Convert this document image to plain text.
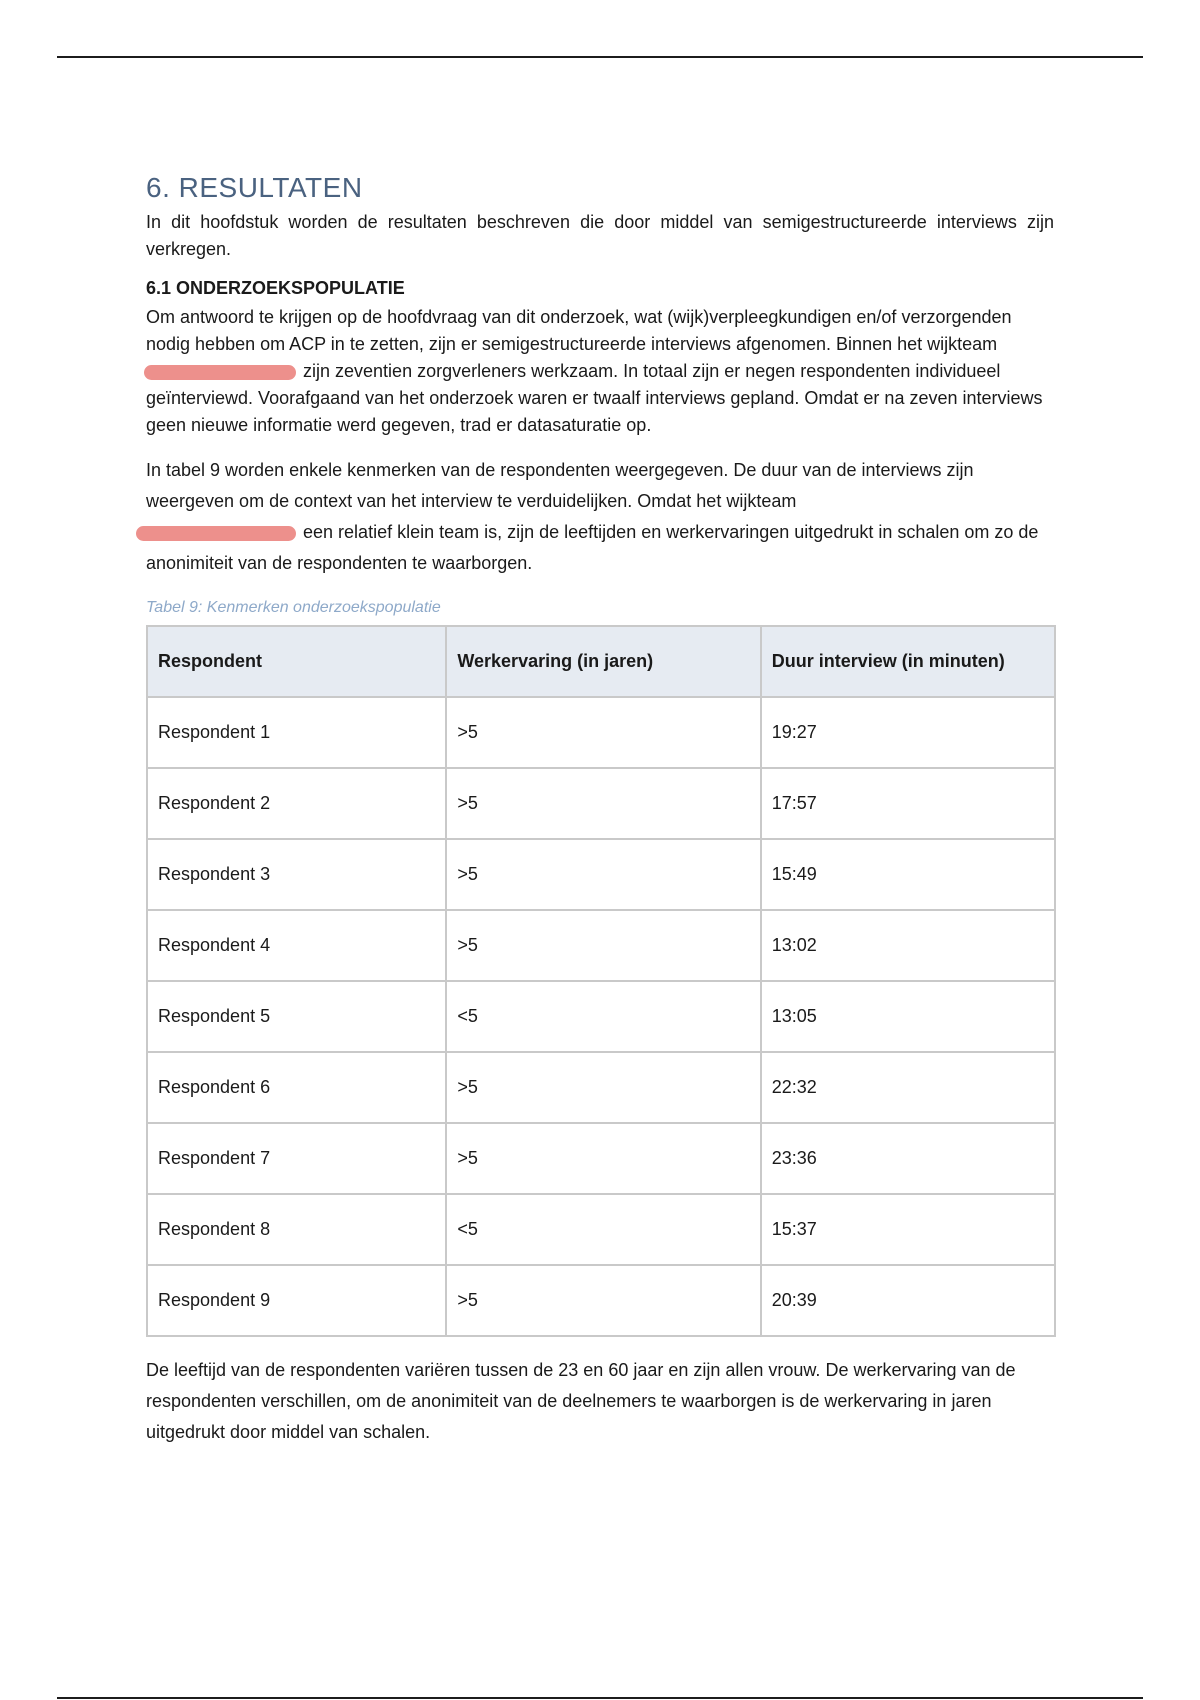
6. RESULTATEN

In dit hoofdstuk worden de resultaten beschreven die door middel van semigestructureerde interviews zijn verkregen.

6.1 ONDERZOEKSPOPULATIE

Om antwoord te krijgen op de hoofdvraag van dit onderzoek, wat (wijk)verpleegkundigen en/of verzorgenden nodig hebben om ACP in te zetten, zijn er semigestructureerde interviews afgenomen. Binnen het wijkteam  zijn zeventien zorgverleners werkzaam. In totaal zijn er negen respondenten individueel geïnterviewd. Voorafgaand van het onderzoek waren er twaalf interviews gepland. Omdat er na zeven interviews geen nieuwe informatie werd gegeven, trad er datasaturatie op.

In tabel 9 worden enkele kenmerken van de respondenten weergegeven. De duur van de interviews zijn weergeven om de context van het interview te verduidelijken. Omdat het wijkteam
een relatief klein team is, zijn de leeftijden en werkervaringen uitgedrukt in schalen om zo de anonimiteit van de respondenten te waarborgen.

Tabel 9: Kenmerken onderzoekspopulatie
Respondent	Werkervaring (in jaren)	Duur interview (in minuten)
Respondent 1	>5	19:27
Respondent 2	>5	17:57
Respondent 3	>5	15:49
Respondent 4	>5	13:02
Respondent 5	<5	13:05
Respondent 6	>5	22:32
Respondent 7	>5	23:36
Respondent 8	<5	15:37
Respondent 9	>5	20:39

De leeftijd van de respondenten variëren tussen de 23 en 60 jaar en zijn allen vrouw. De werkervaring van de respondenten verschillen, om de anonimiteit van de deelnemers te waarborgen is de werkervaring in jaren uitgedrukt door middel van schalen.
